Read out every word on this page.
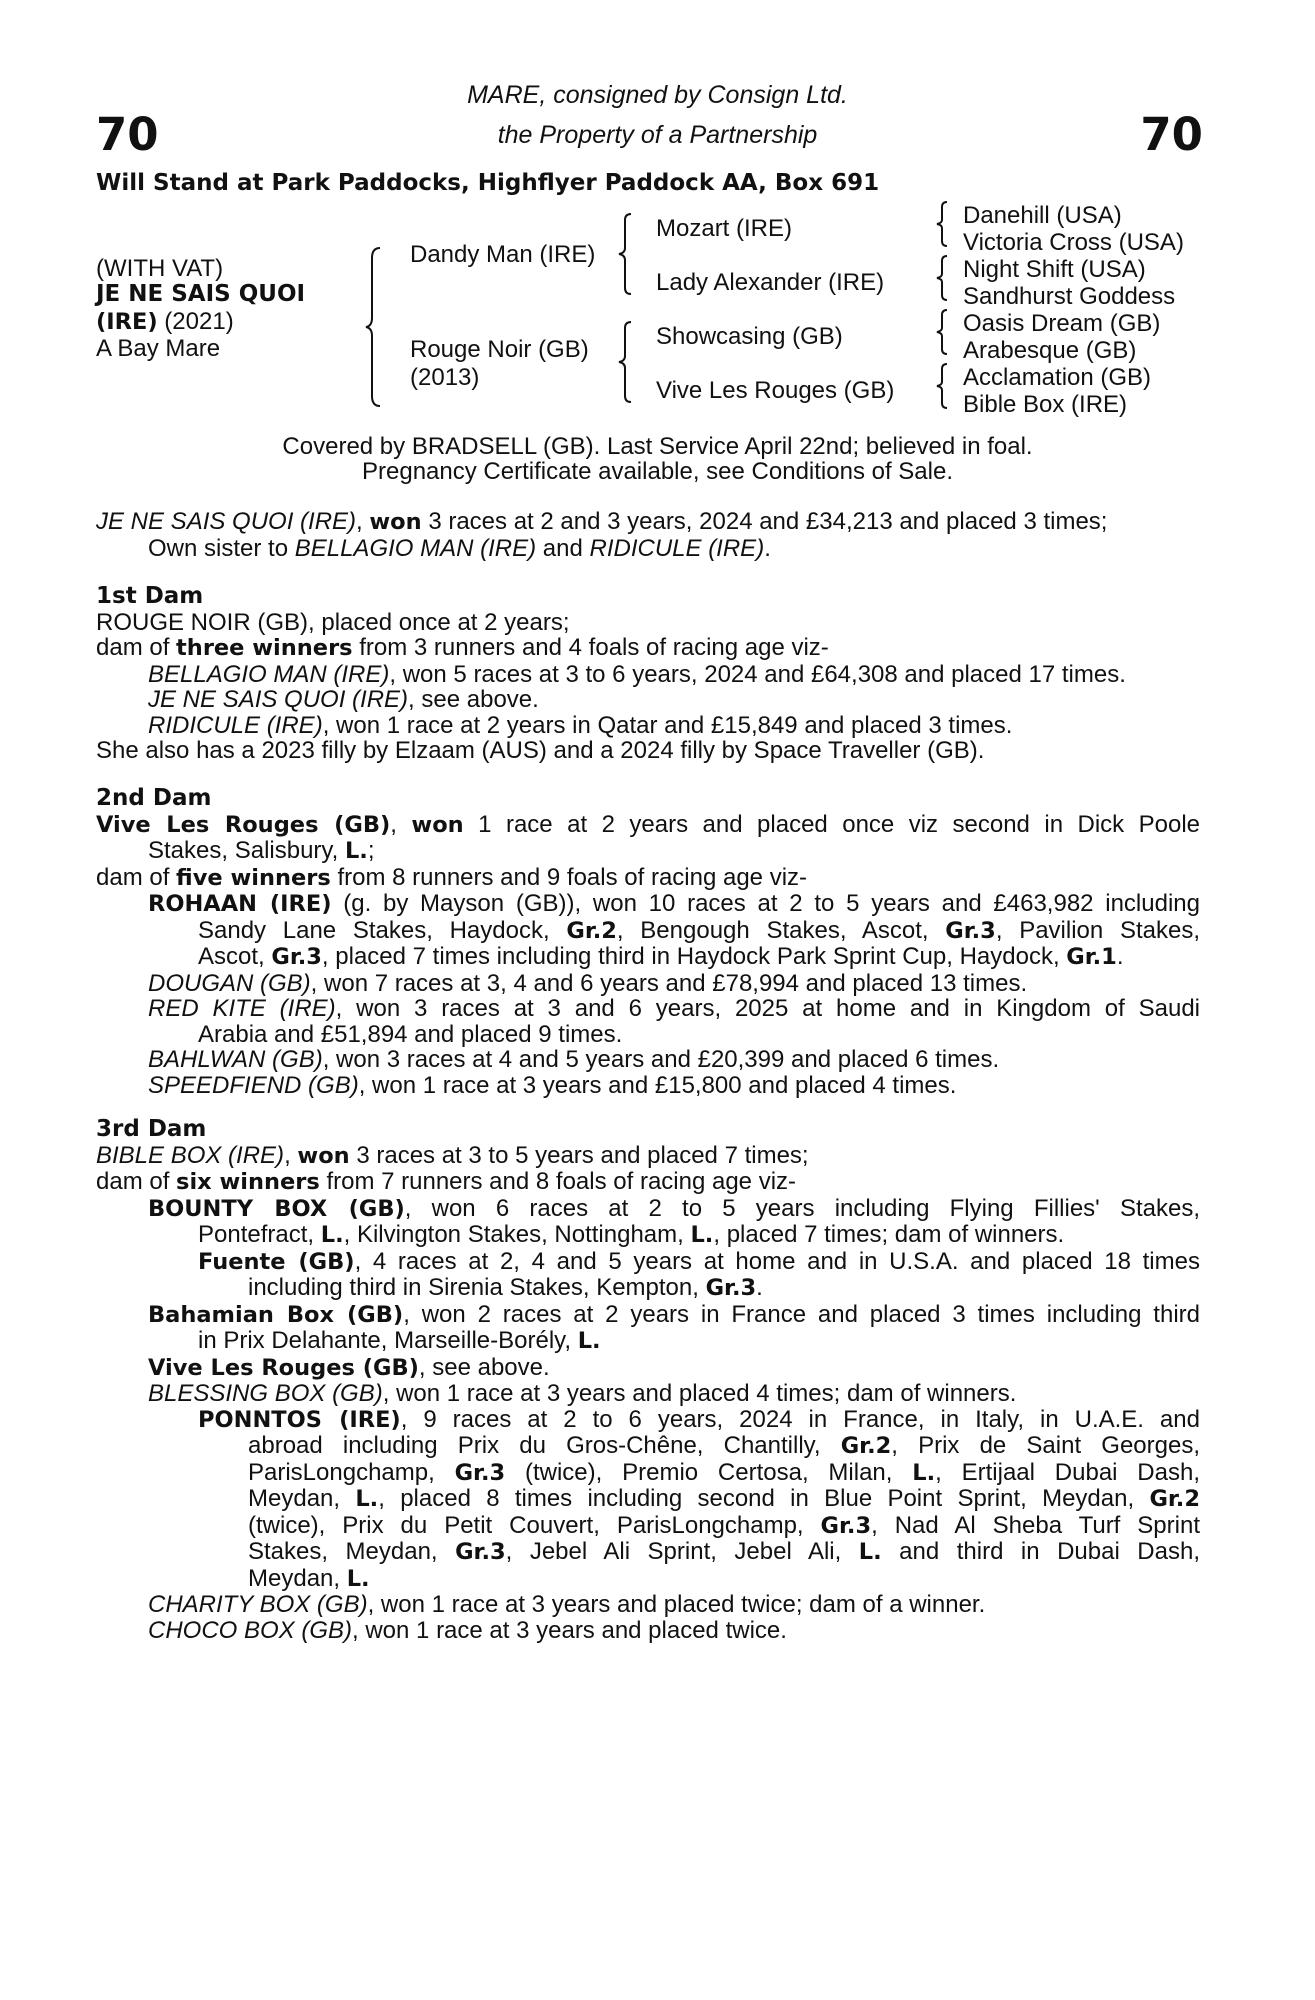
70	70
MARE, consigned by Consign Ltd.
the Property of a Partnership
Will Stand at Park Paddocks, Highflyer Paddock AA, Box 691
(WITH VAT)
JE NE SAIS QUOI
(IRE) (2021)
A Bay Mare
Dandy Man (IRE)
Rouge Noir (GB)
(2013)
Mozart (IRE)
Lady Alexander (IRE)
Showcasing (GB)
Vive Les Rouges (GB)
Danehill (USA)
Victoria Cross (USA)
Night Shift (USA)
Sandhurst Goddess
Oasis Dream (GB)
Arabesque (GB)
Acclamation (GB)
Bible Box (IRE)
Covered by BRADSELL (GB). Last Service April 22nd; believed in foal.
Pregnancy Certificate available, see Conditions of Sale.
JE NE SAIS QUOI (IRE), won 3 races at 2 and 3 years, 2024 and £34,213 and placed 3 times;
Own sister to BELLAGIO MAN (IRE) and RIDICULE (IRE).
1st Dam
ROUGE NOIR (GB), placed once at 2 years;
dam of three winners from 3 runners and 4 foals of racing age viz-
BELLAGIO MAN (IRE), won 5 races at 3 to 6 years, 2024 and £64,308 and placed 17 times.
JE NE SAIS QUOI (IRE), see above.
RIDICULE (IRE), won 1 race at 2 years in Qatar and £15,849 and placed 3 times.
She also has a 2023 filly by Elzaam (AUS) and a 2024 filly by Space Traveller (GB).
2nd Dam
Vive Les Rouges (GB), won 1 race at 2 years and placed once viz second in Dick Poole
Stakes, Salisbury, L.;
dam of five winners from 8 runners and 9 foals of racing age viz-
ROHAAN (IRE) (g. by Mayson (GB)), won 10 races at 2 to 5 years and £463,982 including
Sandy Lane Stakes, Haydock, Gr.2, Bengough Stakes, Ascot, Gr.3, Pavilion Stakes,
Ascot, Gr.3, placed 7 times including third in Haydock Park Sprint Cup, Haydock, Gr.1.
DOUGAN (GB), won 7 races at 3, 4 and 6 years and £78,994 and placed 13 times.
RED KITE (IRE), won 3 races at 3 and 6 years, 2025 at home and in Kingdom of Saudi
Arabia and £51,894 and placed 9 times.
BAHLWAN (GB), won 3 races at 4 and 5 years and £20,399 and placed 6 times.
SPEEDFIEND (GB), won 1 race at 3 years and £15,800 and placed 4 times.
3rd Dam
BIBLE BOX (IRE), won 3 races at 3 to 5 years and placed 7 times;
dam of six winners from 7 runners and 8 foals of racing age viz-
BOUNTY BOX (GB), won 6 races at 2 to 5 years including Flying Fillies' Stakes,
Pontefract, L., Kilvington Stakes, Nottingham, L., placed 7 times; dam of winners.
Fuente (GB), 4 races at 2, 4 and 5 years at home and in U.S.A. and placed 18 times
including third in Sirenia Stakes, Kempton, Gr.3.
Bahamian Box (GB), won 2 races at 2 years in France and placed 3 times including third
in Prix Delahante, Marseille-Borély, L.
Vive Les Rouges (GB), see above.
BLESSING BOX (GB), won 1 race at 3 years and placed 4 times; dam of winners.
PONNTOS (IRE), 9 races at 2 to 6 years, 2024 in France, in Italy, in U.A.E. and
abroad including Prix du Gros-Chêne, Chantilly, Gr.2, Prix de Saint Georges,
ParisLongchamp, Gr.3 (twice), Premio Certosa, Milan, L., Ertijaal Dubai Dash,
Meydan, L., placed 8 times including second in Blue Point Sprint, Meydan, Gr.2
(twice), Prix du Petit Couvert, ParisLongchamp, Gr.3, Nad Al Sheba Turf Sprint
Stakes, Meydan, Gr.3, Jebel Ali Sprint, Jebel Ali, L. and third in Dubai Dash,
Meydan, L.
CHARITY BOX (GB), won 1 race at 3 years and placed twice; dam of a winner.
CHOCO BOX (GB), won 1 race at 3 years and placed twice.
